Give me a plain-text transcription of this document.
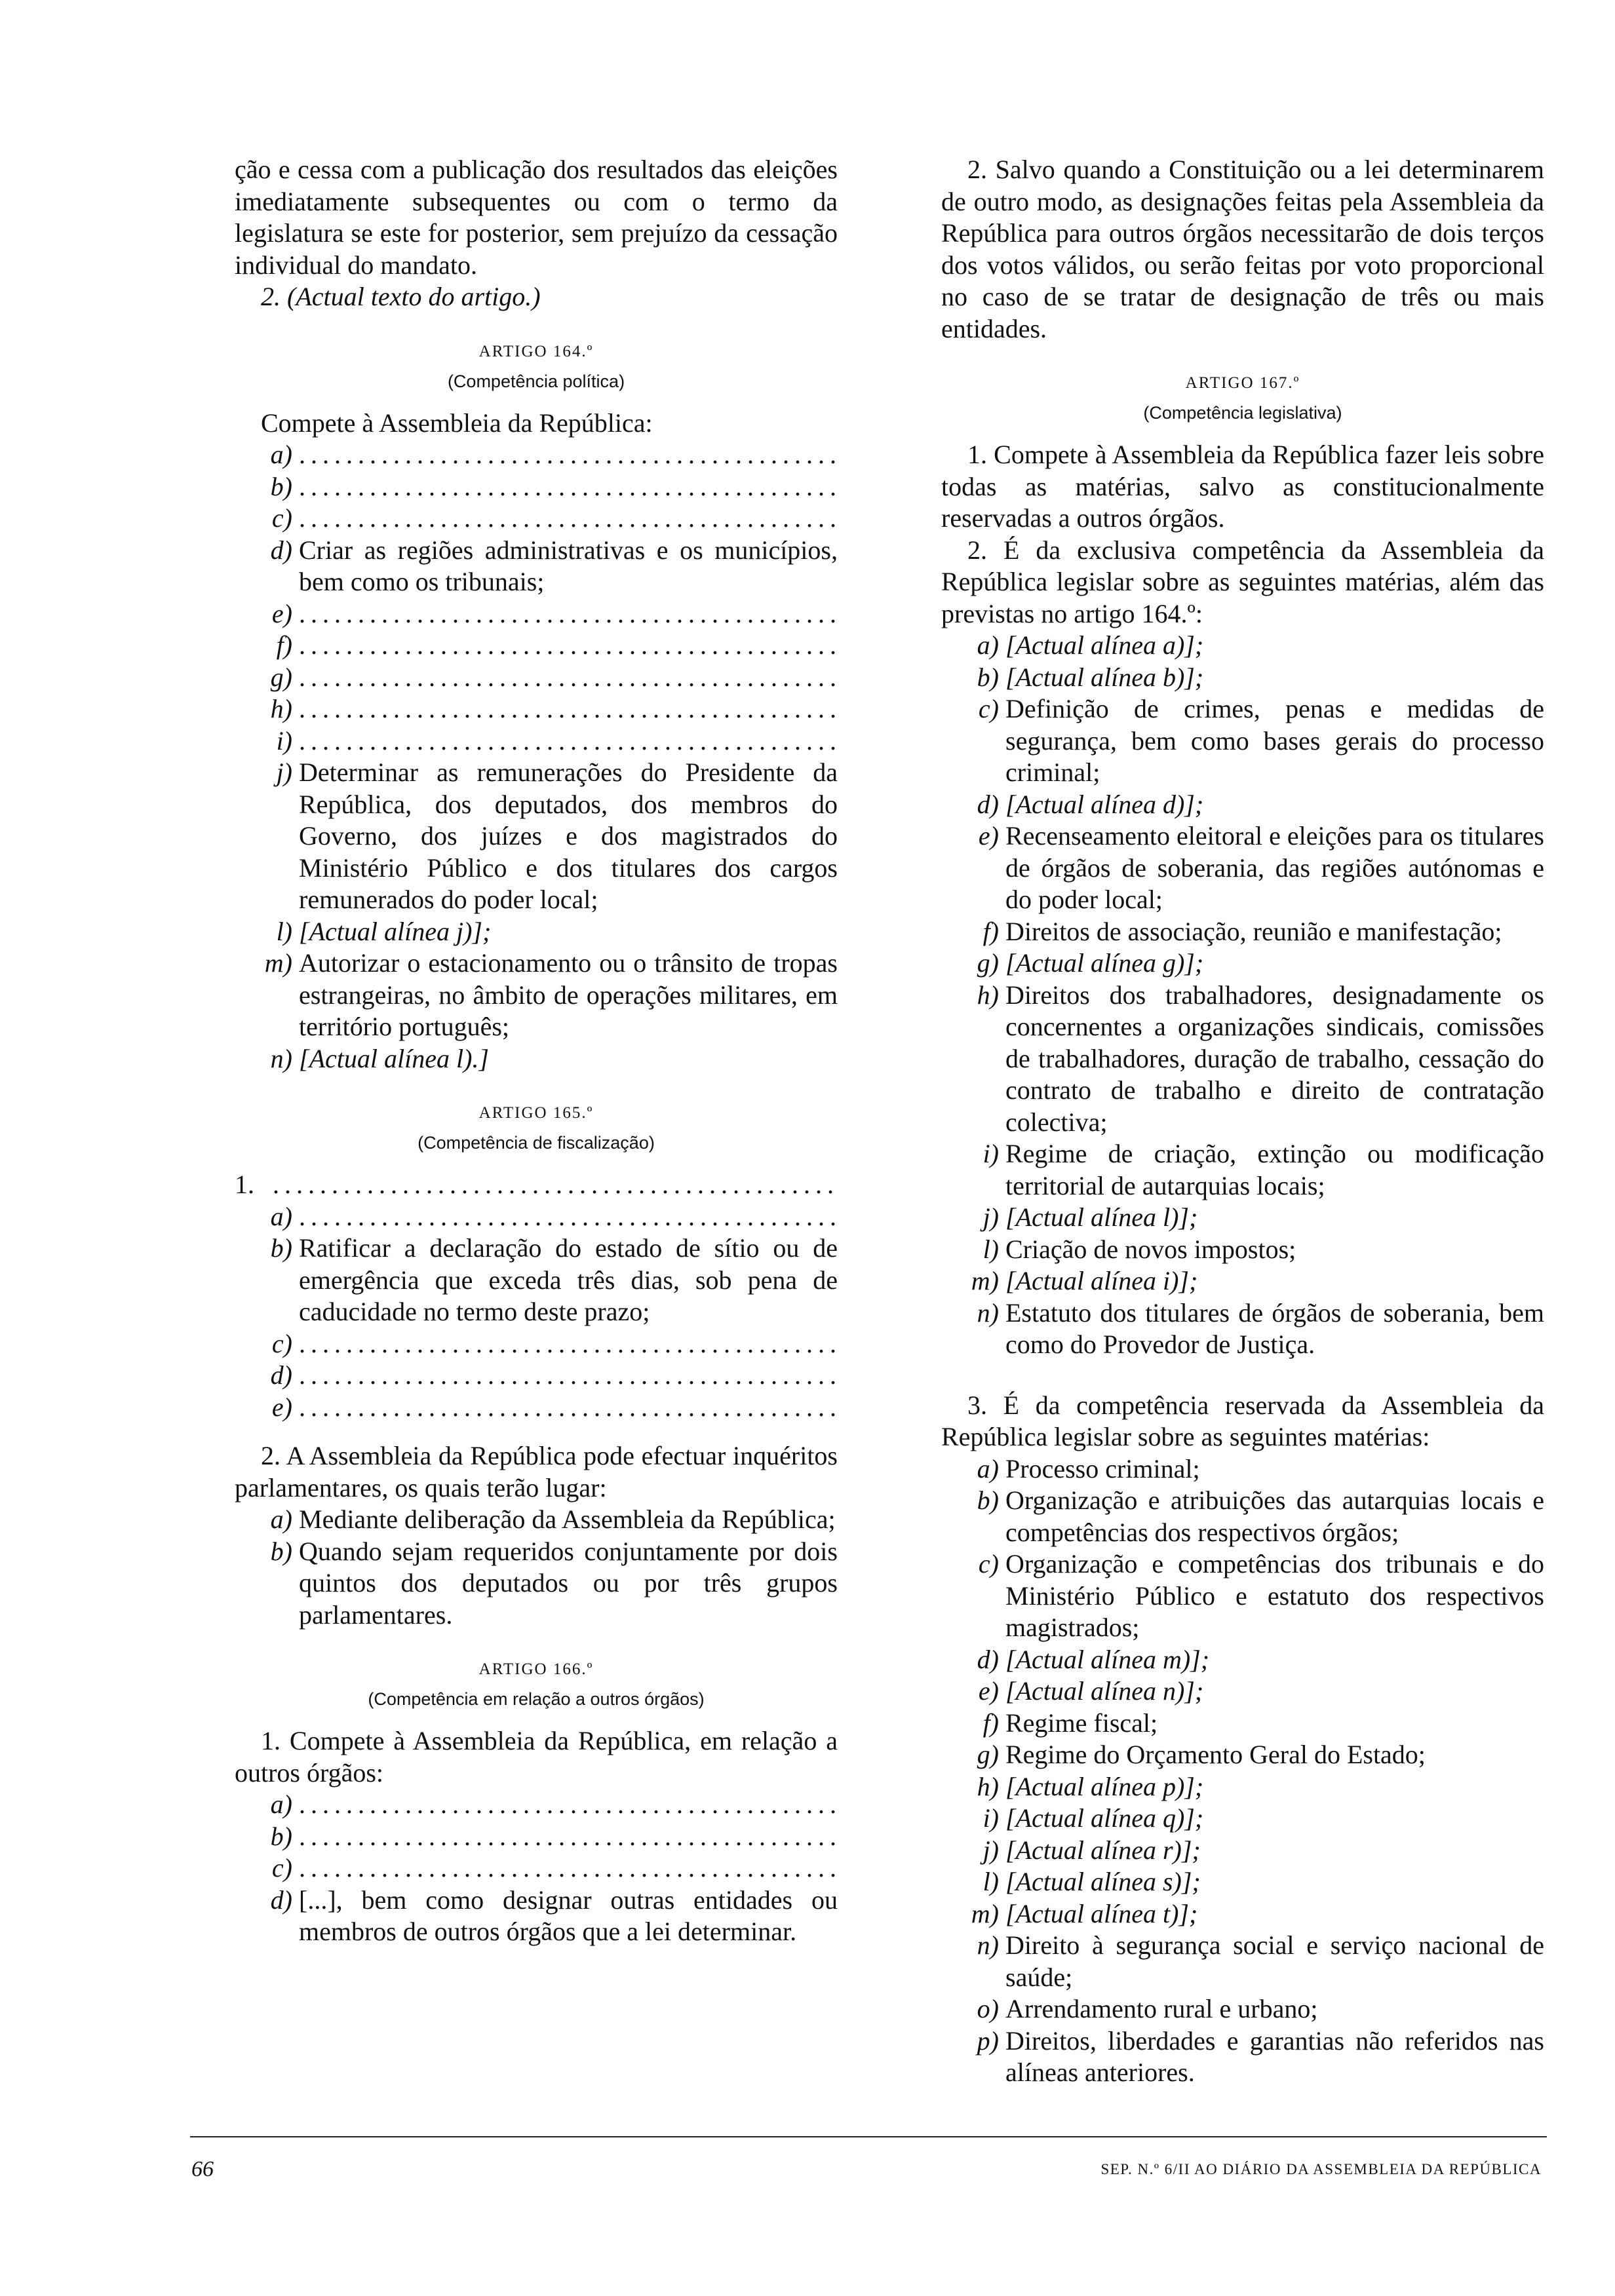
ção e cessa com a publicação dos resultados das eleições imediatamente subsequentes ou com o termo da legislatura se este for posterior, sem prejuízo da cessação individual do mandato.

2. (Actual texto do artigo.)

ARTIGO 164.º
(Competência política)

Compete à Assembleia da República:

a)
. . .
b)
. . .
c)
. . .
d) Criar as regiões administrativas e os municípios, bem como os tribunais;
e)
. . .
f)
. . .
g)
. . .
h)
. . .
i)
. . .
j) Determinar as remunerações do Presidente da República, dos deputados, dos membros do Governo, dos juízes e dos magistrados do Ministério Público e dos titulares dos cargos remunerados do poder local;
l) [Actual alínea j)];
m) Autorizar o estacionamento ou o trânsito de tropas estrangeiras, no âmbito de operações militares, em território português;
n) [Actual alínea l).]
ARTIGO 165.º
(Competência de fiscalização)
1.
. . .
a)
. . .
b) Ratificar a declaração do estado de sítio ou de emergência que exceda três dias, sob pena de caducidade no termo deste prazo;
c)
. . .
d)
. . .
e)
. . .

2. A Assembleia da República pode efectuar inquéritos parlamentares, os quais terão lugar:

a) Mediante deliberação da Assembleia da República;
b) Quando sejam requeridos conjuntamente por dois quintos dos deputados ou por três grupos parlamentares.
ARTIGO 166.º
(Competência em relação a outros órgãos)

1. Compete à Assembleia da República, em relação a outros órgãos:

a)
. . .
b)
. . .
c)
. . .
d) [...], bem como designar outras entidades ou membros de outros órgãos que a lei determinar.

2. Salvo quando a Constituição ou a lei determinarem de outro modo, as designações feitas pela Assembleia da República para outros órgãos necessitarão de dois terços dos votos válidos, ou serão feitas por voto proporcional no caso de se tratar de designação de três ou mais entidades.

ARTIGO 167.º
(Competência legislativa)

1. Compete à Assembleia da República fazer leis sobre todas as matérias, salvo as constitucionalmente reservadas a outros órgãos.

2. É da exclusiva competência da Assembleia da República legislar sobre as seguintes matérias, além das previstas no artigo 164.º:

a) [Actual alínea a)];
b) [Actual alínea b)];
c) Definição de crimes, penas e medidas de segurança, bem como bases gerais do processo criminal;
d) [Actual alínea d)];
e) Recenseamento eleitoral e eleições para os titulares de órgãos de soberania, das regiões autónomas e do poder local;
f) Direitos de associação, reunião e manifestação;
g) [Actual alínea g)];
h) Direitos dos trabalhadores, designadamente os concernentes a organizações sindicais, comissões de trabalhadores, duração de trabalho, cessação do contrato de trabalho e direito de contratação colectiva;
i) Regime de criação, extinção ou modificação territorial de autarquias locais;
j) [Actual alínea l)];
l) Criação de novos impostos;
m) [Actual alínea i)];
n) Estatuto dos titulares de órgãos de soberania, bem como do Provedor de Justiça.

3. É da competência reservada da Assembleia da República legislar sobre as seguintes matérias:

a) Processo criminal;
b) Organização e atribuições das autarquias locais e competências dos respectivos órgãos;
c) Organização e competências dos tribunais e do Ministério Público e estatuto dos respectivos magistrados;
d) [Actual alínea m)];
e) [Actual alínea n)];
f) Regime fiscal;
g) Regime do Orçamento Geral do Estado;
h) [Actual alínea p)];
i) [Actual alínea q)];
j) [Actual alínea r)];
l) [Actual alínea s)];
m) [Actual alínea t)];
n) Direito à segurança social e serviço nacional de saúde;
o) Arrendamento rural e urbano;
p) Direitos, liberdades e garantias não referidos nas alíneas anteriores.
66	SEP. N.º 6/II AO DIÁRIO DA ASSEMBLEIA DA REPÚBLICA
